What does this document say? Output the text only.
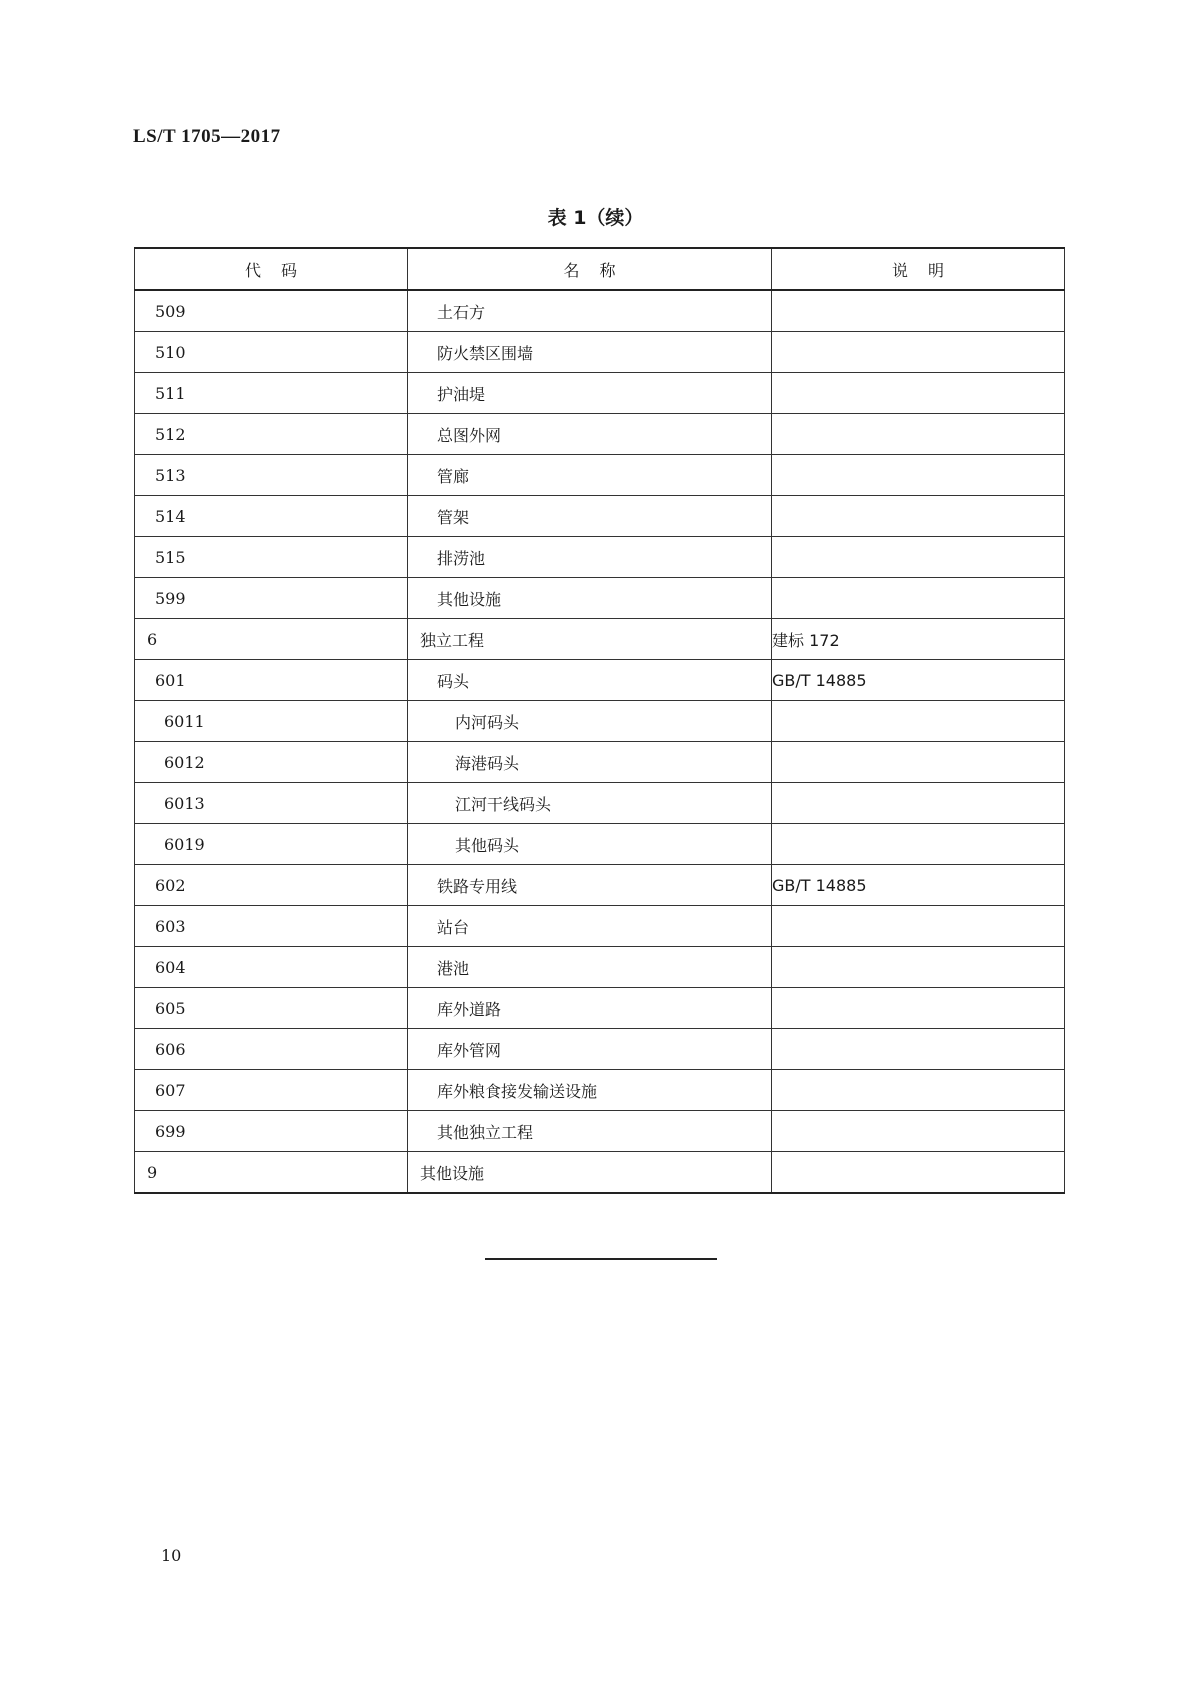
LS/T 1705—2017
表 1（续）
代码	名称	说明
509	土石方	
510	防火禁区围墙	
511	护油堤	
512	总图外网	
513	管廊	
514	管架	
515	排涝池	
599	其他设施	
6	独立工程	建标 172
601	码头	GB/T 14885
6011	内河码头	
6012	海港码头	
6013	江河干线码头	
6019	其他码头	
602	铁路专用线	GB/T 14885
603	站台	
604	港池	
605	库外道路	
606	库外管网	
607	库外粮食接发输送设施	
699	其他独立工程	
9	其他设施	
10
